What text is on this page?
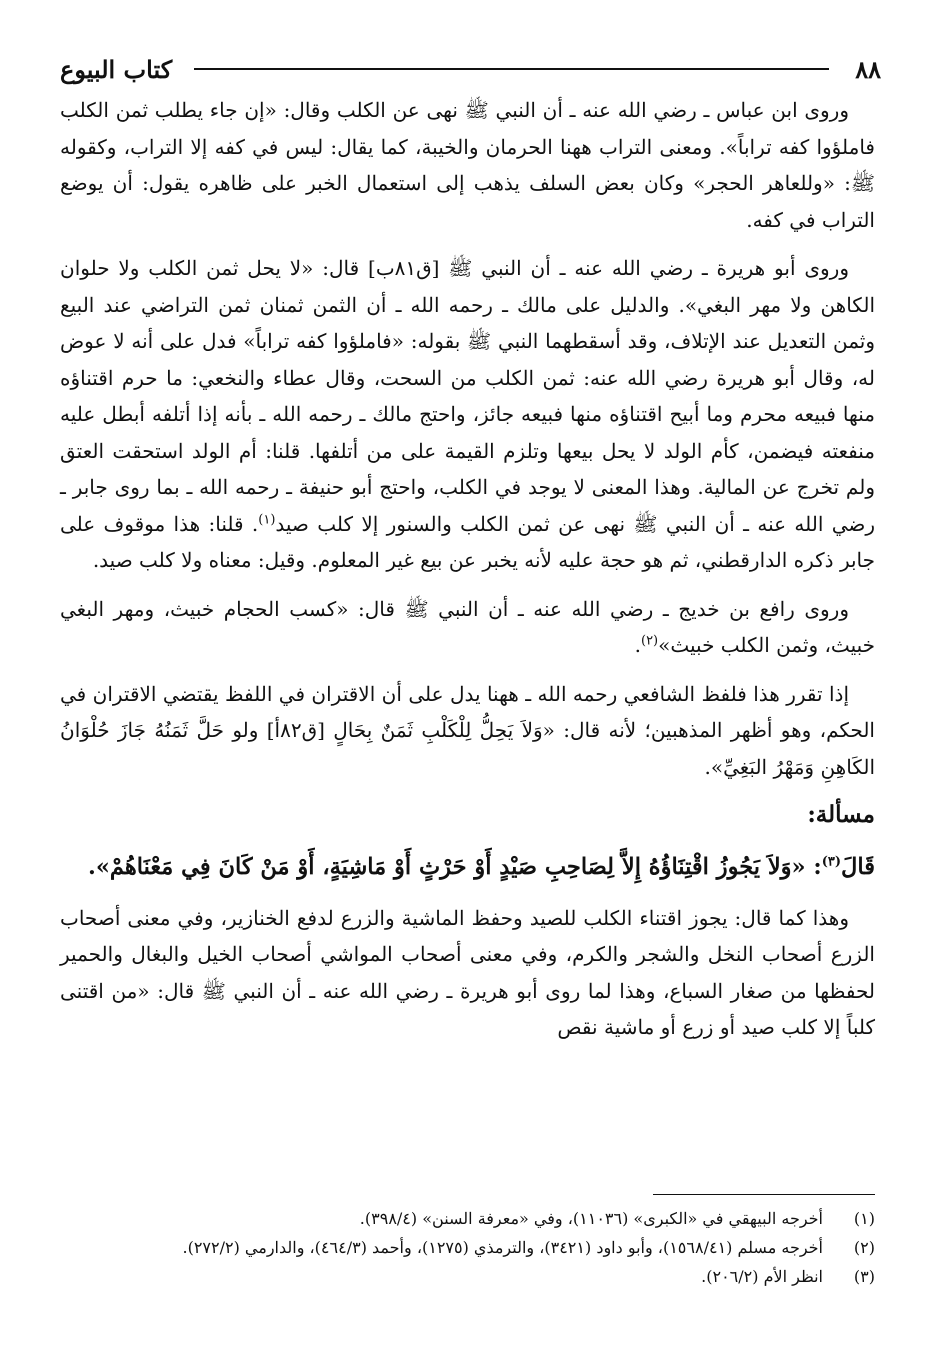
٨٨
كتاب البيوع

وروى ابن عباس ـ رضي الله عنه ـ أن النبي ﷺ نهى عن الكلب وقال: «إن جاء يطلب ثمن الكلب فاملؤوا كفه تراباً». ومعنى التراب ههنا الحرمان والخيبة، كما يقال: ليس في كفه إلا التراب، وكقوله ﷺ: «وللعاهر الحجر» وكان بعض السلف يذهب إلى استعمال الخبر على ظاهره يقول: أن يوضع التراب في كفه.

وروى أبو هريرة ـ رضي الله عنه ـ أن النبي ﷺ [ق٨١ب] قال: «لا يحل ثمن الكلب ولا حلوان الكاهن ولا مهر البغي». والدليل على مالك ـ رحمه الله ـ أن الثمن ثمنان ثمن التراضي عند البيع وثمن التعديل عند الإتلاف، وقد أسقطهما النبي ﷺ بقوله: «فاملؤوا كفه تراباً» فدل على أنه لا عوض له، وقال أبو هريرة رضي الله عنه: ثمن الكلب من السحت، وقال عطاء والنخعي: ما حرم اقتناؤه منها فبيعه محرم وما أبيح اقتناؤه منها فبيعه جائز، واحتج مالك ـ رحمه الله ـ بأنه إذا أتلفه أبطل عليه منفعته فيضمن، كأم الولد لا يحل بيعها وتلزم القيمة على من أتلفها. قلنا: أم الولد استحقت العتق ولم تخرج عن المالية. وهذا المعنى لا يوجد في الكلب، واحتج أبو حنيفة ـ رحمه الله ـ بما روى جابر ـ رضي الله عنه ـ أن النبي ﷺ نهى عن ثمن الكلب والسنور إلا كلب صيد$^{(١)}$. قلنا: هذا موقوف على جابر ذكره الدارقطني، ثم هو حجة عليه لأنه يخبر عن بيع غير المعلوم. وقيل: معناه ولا كلب صيد.

وروى رافع بن خديج ـ رضي الله عنه ـ أن النبي ﷺ قال: «كسب الحجام خبيث، ومهر البغي خبيث، وثمن الكلب خبيث»$^{(٢)}$.

إذا تقرر هذا فلفظ الشافعي رحمه الله ـ ههنا يدل على أن الاقتران في اللفظ يقتضي الاقتران في الحكم، وهو أظهر المذهبين؛ لأنه قال: «وَلاَ يَحِلُّ لِلْكَلْبِ ثَمَنٌ بِحَالٍ [ق٨٢أ] ولو حَلَّ ثَمَنُهُ جَازَ حُلْوَانُ الكَاهِنِ وَمَهْرُ البَغِيِّ».

مسألة:

قَالَ$^{(٣)}$: «وَلاَ يَجُوزُ اقْتِنَاؤُهُ إِلاَّ لِصَاحِبِ صَيْدٍ أَوْ حَرْثٍ أَوْ مَاشِيَةٍ، أَوْ مَنْ كَانَ فِي مَعْنَاهُمْ».

وهذا كما قال: يجوز اقتناء الكلب للصيد وحفظ الماشية والزرع لدفع الخنازير، وفي معنى أصحاب الزرع أصحاب النخل والشجر والكرم، وفي معنى أصحاب المواشي أصحاب الخيل والبغال والحمير لحفظها من صغار السباع، وهذا لما روى أبو هريرة ـ رضي الله عنه ـ أن النبي ﷺ قال: «من اقتنى كلباً إلا كلب صيد أو زرع أو ماشية نقص

(١)
أخرجه البيهقي في «الكبرى» (١١٠٣٦)، وفي «معرفة السنن» (٣٩٨/٤).
(٢)
أخرجه مسلم (١٥٦٨/٤١)، وأبو داود (٣٤٢١)، والترمذي (١٢٧٥)، وأحمد (٤٦٤/٣)، والدارمي (٢٧٢/٢).
(٣)
انظر الأم (٢٠٦/٢).
